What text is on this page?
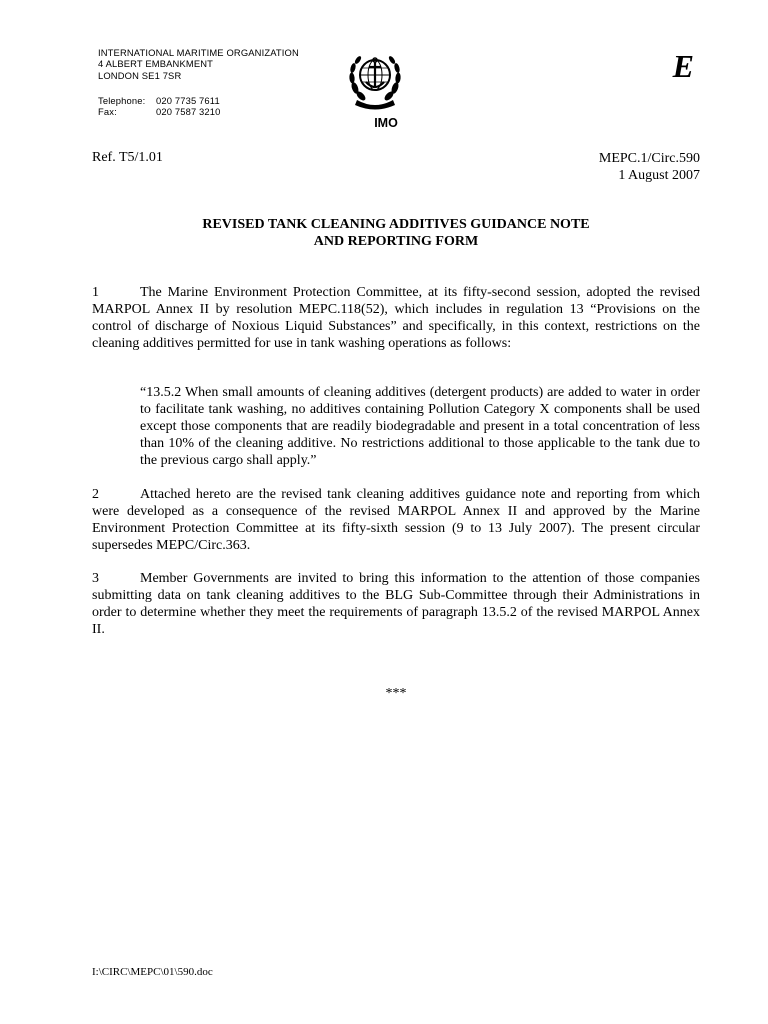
INTERNATIONAL MARITIME ORGANIZATION
4 ALBERT EMBANKMENT
LONDON SE1 7SR
Telephone: 020 7735 7611
Fax:	020 7587 3210
IMO
E
Ref. T5/1.01	MEPC.1/Circ.590
1 August 2007
REVISED TANK CLEANING ADDITIVES GUIDANCE NOTE
AND REPORTING FORM
1	The Marine Environment Protection Committee, at its fifty-second session, adopted the revised MARPOL Annex II by resolution MEPC.118(52), which includes in regulation 13 “Provisions on the control of discharge of Noxious Liquid Substances” and specifically, in this context, restrictions on the cleaning additives permitted for use in tank washing operations as follows:
“13.5.2 When small amounts of cleaning additives (detergent products) are added to water in order to facilitate tank washing, no additives containing Pollution Category X components shall be used except those components that are readily biodegradable and present in a total concentration of less than 10% of the cleaning additive. No restrictions additional to those applicable to the tank due to the previous cargo shall apply.”
2	Attached hereto are the revised tank cleaning additives guidance note and reporting from which were developed as a consequence of the revised MARPOL Annex II and approved by the Marine Environment Protection Committee at its fifty-sixth session (9 to 13 July 2007). The present circular supersedes MEPC/Circ.363.
3	Member Governments are invited to bring this information to the attention of those companies submitting data on tank cleaning additives to the BLG Sub-Committee through their Administrations in order to determine whether they meet the requirements of paragraph 13.5.2 of the revised MARPOL Annex II.
***
I:\CIRC\MEPC\01\590.doc
